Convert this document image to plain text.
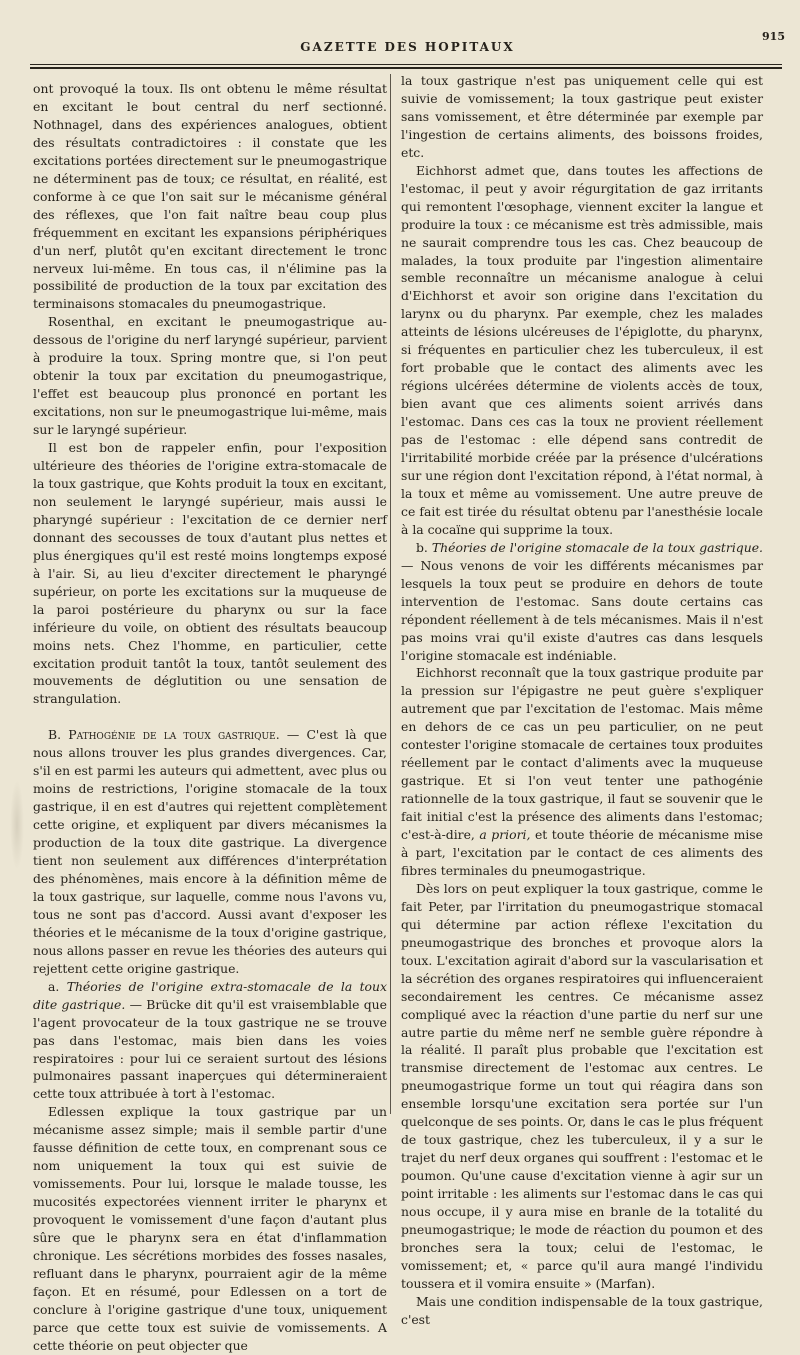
GAZETTE DES HOPITAUX
915

ont provoqué la toux. Ils ont obtenu le même résultat en excitant le bout central du nerf sectionné. Nothnagel, dans des expériences analogues, obtient des résultats contradictoires : il constate que les excitations portées directement sur le pneumogastrique ne déterminent pas de toux; ce résultat, en réalité, est conforme à ce que l'on sait sur le mécanisme général des réflexes, que l'on fait naître beau coup plus fréquemment en excitant les expansions périphériques d'un nerf, plutôt qu'en excitant directement le tronc nerveux lui-même. En tous cas, il n'élimine pas la possibilité de production de la toux par excitation des terminaisons stomacales du pneumogastrique.

Rosenthal, en excitant le pneumogastrique au-dessous de l'origine du nerf laryngé supérieur, parvient à produire la toux. Spring montre que, si l'on peut obtenir la toux par excitation du pneumogastrique, l'effet est beaucoup plus prononcé en portant les excitations, non sur le pneumogastrique lui-même, mais sur le laryngé supérieur.

Il est bon de rappeler enfin, pour l'exposition ultérieure des théories de l'origine extra-stomacale de la toux gastrique, que Kohts produit la toux en excitant, non seulement le laryngé supérieur, mais aussi le pharyngé supérieur : l'excitation de ce dernier nerf donnant des secousses de toux d'autant plus nettes et plus énergiques qu'il est resté moins longtemps exposé à l'air. Si, au lieu d'exciter directement le pharyngé supérieur, on porte les excitations sur la muqueuse de la paroi postérieure du pharynx ou sur la face inférieure du voile, on obtient des résultats beaucoup moins nets. Chez l'homme, en particulier, cette excitation produit tantôt la toux, tantôt seulement des mouvements de déglutition ou une sensation de strangulation.

B. Pathogénie de la toux gastrique. — C'est là que nous allons trouver les plus grandes divergences. Car, s'il en est parmi les auteurs qui admettent, avec plus ou moins de restrictions, l'origine stomacale de la toux gastrique, il en est d'autres qui rejettent complètement cette origine, et expliquent par divers mécanismes la production de la toux dite gastrique. La divergence tient non seulement aux différences d'interprétation des phénomènes, mais encore à la définition même de la toux gastrique, sur laquelle, comme nous l'avons vu, tous ne sont pas d'accord. Aussi avant d'exposer les théories et le mécanisme de la toux d'origine gastrique, nous allons passer en revue les théories des auteurs qui rejettent cette origine gastrique.

a. Théories de l'origine extra-stomacale de la toux dite gastrique. — Brücke dit qu'il est vraisemblable que l'agent provocateur de la toux gastrique ne se trouve pas dans l'estomac, mais bien dans les voies respiratoires : pour lui ce seraient surtout des lésions pulmonaires passant inaperçues qui détermineraient cette toux attribuée à tort à l'estomac.

Edlessen explique la toux gastrique par un mécanisme assez simple; mais il semble partir d'une fausse définition de cette toux, en comprenant sous ce nom uniquement la toux qui est suivie de vomissements. Pour lui, lorsque le malade tousse, les mucosités expectorées viennent irriter le pharynx et provoquent le vomissement d'une façon d'autant plus sûre que le pharynx sera en état d'inflammation chronique. Les sécrétions morbides des fosses nasales, refluant dans le pharynx, pourraient agir de la même façon. Et en résumé, pour Edlessen on a tort de conclure à l'origine gastrique d'une toux, uniquement parce que cette toux est suivie de vomissements. A cette théorie on peut objecter que

la toux gastrique n'est pas uniquement celle qui est suivie de vomissement; la toux gastrique peut exister sans vomissement, et être déterminée par exemple par l'ingestion de certains aliments, des boissons froides, etc.

Eichhorst admet que, dans toutes les affections de l'estomac, il peut y avoir régurgitation de gaz irritants qui remontent l'œsophage, viennent exciter la langue et produire la toux : ce mécanisme est très admissible, mais ne saurait comprendre tous les cas. Chez beaucoup de malades, la toux produite par l'ingestion alimentaire semble reconnaître un mécanisme analogue à celui d'Eichhorst et avoir son origine dans l'excitation du larynx ou du pharynx. Par exemple, chez les malades atteints de lésions ulcéreuses de l'épiglotte, du pharynx, si fréquentes en particulier chez les tuberculeux, il est fort probable que le contact des aliments avec les régions ulcérées détermine de violents accès de toux, bien avant que ces aliments soient arrivés dans l'estomac. Dans ces cas la toux ne provient réellement pas de l'estomac : elle dépend sans contredit de l'irritabilité morbide créée par la présence d'ulcérations sur une région dont l'excitation répond, à l'état normal, à la toux et même au vomissement. Une autre preuve de ce fait est tirée du résultat obtenu par l'anesthésie locale à la cocaïne qui supprime la toux.

b. Théories de l'origine stomacale de la toux gastrique. — Nous venons de voir les différents mécanismes par lesquels la toux peut se produire en dehors de toute intervention de l'estomac. Sans doute certains cas répondent réellement à de tels mécanismes. Mais il n'est pas moins vrai qu'il existe d'autres cas dans lesquels l'origine stomacale est indéniable.

Eichhorst reconnaît que la toux gastrique produite par la pression sur l'épigastre ne peut guère s'expliquer autrement que par l'excitation de l'estomac. Mais même en dehors de ce cas un peu particulier, on ne peut contester l'origine stomacale de certaines toux produites réellement par le contact d'aliments avec la muqueuse gastrique. Et si l'on veut tenter une pathogénie rationnelle de la toux gastrique, il faut se souvenir que le fait initial c'est la présence des aliments dans l'estomac; c'est-à-dire, a priori, et toute théorie de mécanisme mise à part, l'excitation par le contact de ces aliments des fibres terminales du pneumogastrique.

Dès lors on peut expliquer la toux gastrique, comme le fait Peter, par l'irritation du pneumogastrique stomacal qui détermine par action réflexe l'excitation du pneumogastrique des bronches et provoque alors la toux. L'excitation agirait d'abord sur la vascularisation et la sécrétion des organes respiratoires qui influenceraient secondairement les centres. Ce mécanisme assez compliqué avec la réaction d'une partie du nerf sur une autre partie du même nerf ne semble guère répondre à la réalité. Il paraît plus probable que l'excitation est transmise directement de l'estomac aux centres. Le pneumogastrique forme un tout qui réagira dans son ensemble lorsqu'une excitation sera portée sur l'un quelconque de ses points. Or, dans le cas le plus fréquent de toux gastrique, chez les tuberculeux, il y a sur le trajet du nerf deux organes qui souffrent : l'estomac et le poumon. Qu'une cause d'excitation vienne à agir sur un point irritable : les aliments sur l'estomac dans le cas qui nous occupe, il y aura mise en branle de la totalité du pneumogastrique; le mode de réaction du poumon et des bronches sera la toux; celui de l'estomac, le vomissement; et, « parce qu'il aura mangé l'individu toussera et il vomira ensuite » (Marfan).

Mais une condition indispensable de la toux gastrique, c'est
